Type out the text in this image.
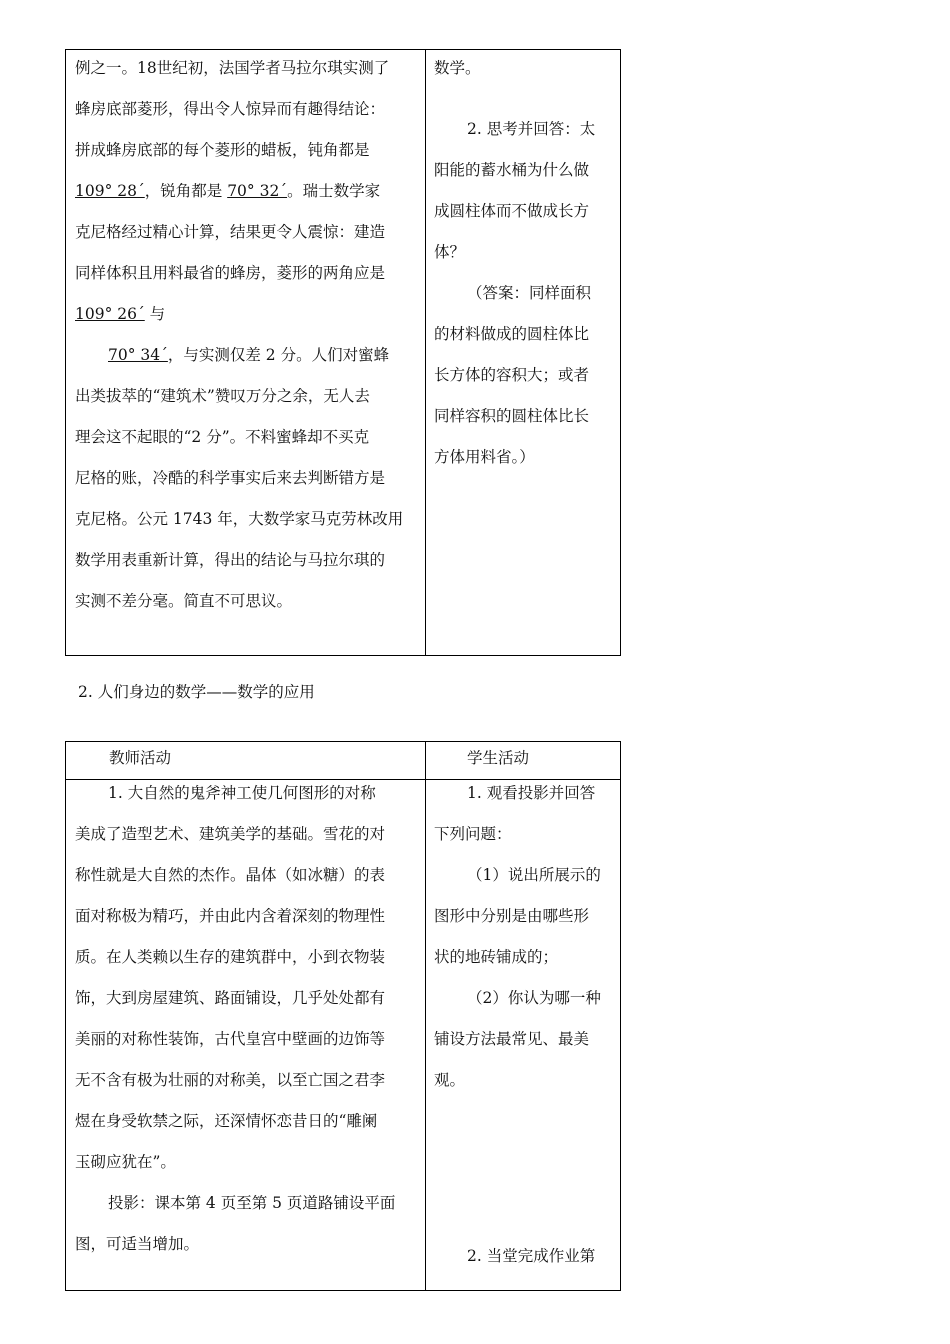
例之一。18世纪初，法国学者马拉尔琪实测了

蜂房底部菱形，得出令人惊异而有趣得结论：

拼成蜂房底部的每个菱形的蜡板，钝角都是

109° 28´，锐角都是 70° 32´。瑞士数学家

克尼格经过精心计算，结果更令人震惊：建造

同样体积且用料最省的蜂房，菱形的两角应是

109° 26´ 与

70° 34´，与实测仅差 2 分。人们对蜜蜂

出类拔萃的“建筑术”赞叹万分之余，无人去

理会这不起眼的“2 分”。不料蜜蜂却不买克

尼格的账，冷酷的科学事实后来去判断错方是

克尼格。公元 1743 年，大数学家马克劳林改用

数学用表重新计算，得出的结论与马拉尔琪的

实测不差分毫。简直不可思议。

数学。

2. 思考并回答：太

阳能的蓄水桶为什么做

成圆柱体而不做成长方

体？

（答案：同样面积

的材料做成的圆柱体比

长方体的容积大；或者

同样容积的圆柱体比长

方体用料省。）

2. 人们身边的数学——数学的应用
教师活动	学生活动

1. 大自然的鬼斧神工使几何图形的对称

美成了造型艺术、建筑美学的基础。雪花的对

称性就是大自然的杰作。晶体（如冰糖）的表

面对称极为精巧，并由此内含着深刻的物理性

质。在人类赖以生存的建筑群中，小到衣物装

饰，大到房屋建筑、路面铺设，几乎处处都有

美丽的对称性装饰，古代皇宫中壁画的边饰等

无不含有极为壮丽的对称美，以至亡国之君李

煜在身受软禁之际，还深情怀恋昔日的“雕阑

玉砌应犹在”。

投影：课本第 4 页至第 5 页道路铺设平面

图，可适当增加。

1. 观看投影并回答

下列问题：

（1）说出所展示的

图形中分别是由哪些形

状的地砖铺成的；

（2）你认为哪一种

铺设方法最常见、最美

观。

2. 当堂完成作业第
